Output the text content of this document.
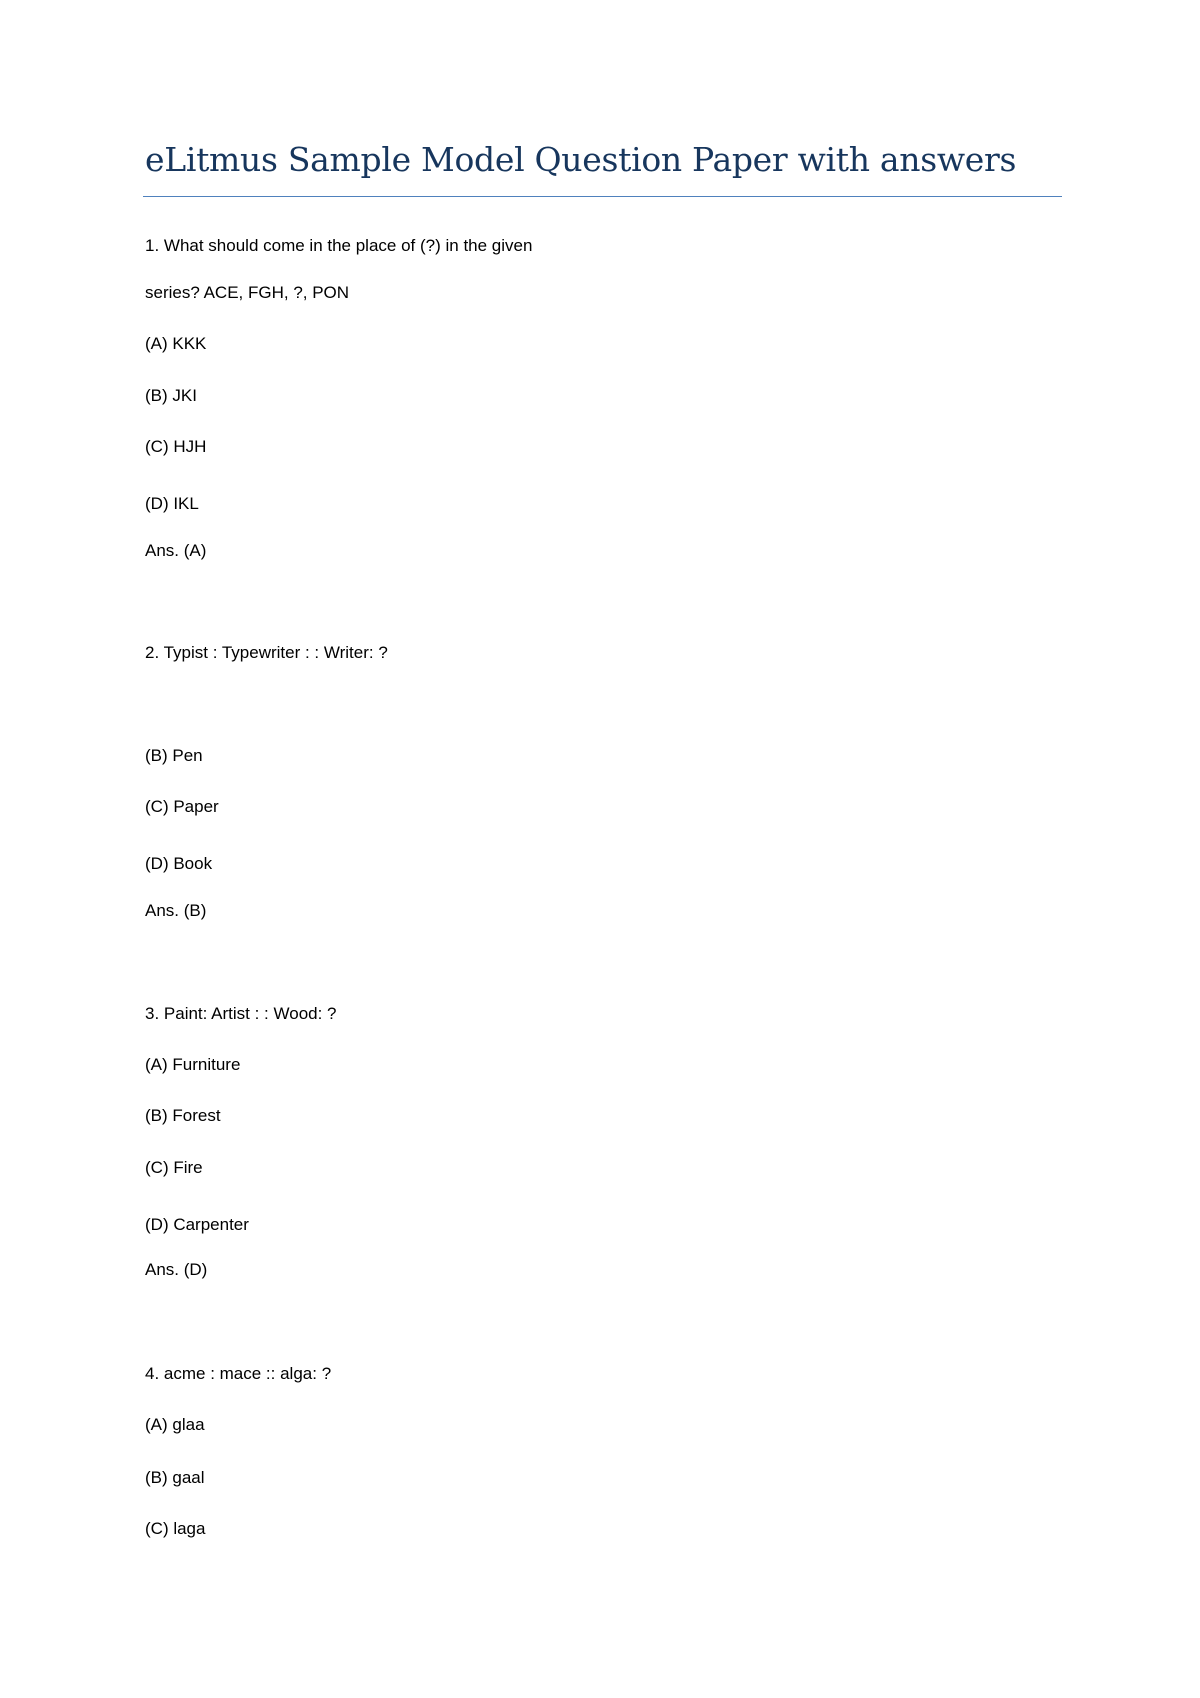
eLitmus Sample Model Question Paper with answers
1. What should come in the place of (?) in the given
series? ACE, FGH, ?, PON
(A) KKK
(B) JKI
(C) HJH
(D) IKL
Ans. (A)
2. Typist : Typewriter : : Writer: ?
(B) Pen
(C) Paper
(D) Book
Ans. (B)
3. Paint: Artist : : Wood: ?
(A) Furniture
(B) Forest
(C) Fire
(D) Carpenter
Ans. (D)
4. acme : mace :: alga: ?
(A) glaa
(B) gaal
(C) laga
